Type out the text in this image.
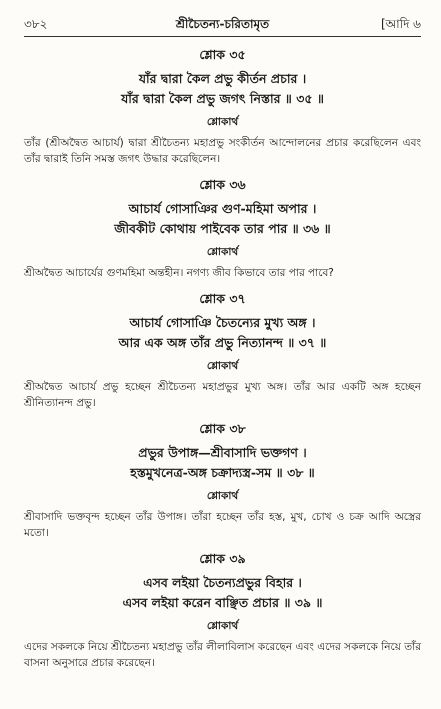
৩৮২	শ্রীচৈতন্য-চরিতামৃত	[আদি ৬
শ্লোক ৩৫
যাঁর দ্বারা কৈল প্রভু কীর্তন প্রচার ।
যাঁর দ্বারা কৈল প্রভু জগৎ নিস্তার ॥ ৩৫ ॥
শ্লোকার্থ
তাঁর (শ্রীঅদ্বৈত আচার্য) দ্বারা শ্রীচৈতন্য মহাপ্রভু সংকীর্তন আন্দোলনের প্রচার করেছিলেন এবং তাঁর দ্বারাই তিনি সমস্ত জগৎ উদ্ধার করেছিলেন।
শ্লোক ৩৬
আচার্য গোসাঞির গুণ-মহিমা অপার ।
জীবকীট কোথায় পাইবেক তার পার ॥ ৩৬ ॥
শ্লোকার্থ
শ্রীঅদ্বৈত আচার্যের গুণমহিমা অন্তহীন। নগণ্য জীব কিভাবে তার পার পাবে?
শ্লোক ৩৭
আচার্য গোসাঞি চৈতন্যের মুখ্য অঙ্গ ।
আর এক অঙ্গ তাঁর প্রভু নিত্যানন্দ ॥ ৩৭ ॥
শ্লোকার্থ
শ্রীঅদ্বৈত আচার্য প্রভু হচ্ছেন শ্রীচৈতন্য মহাপ্রভুর মুখ্য অঙ্গ। তাঁর আর একটি অঙ্গ হচ্ছেন শ্রীনিত্যানন্দ প্রভু।
শ্লোক ৩৮
প্রভুর উপাঙ্গ—শ্রীবাসাদি ভক্তগণ ।
হস্তমুখনেত্র-অঙ্গ চক্রাদ্যস্ত্র-সম ॥ ৩৮ ॥
শ্লোকার্থ
শ্রীবাসাদি ভক্তবৃন্দ হচ্ছেন তাঁর উপাঙ্গ। তাঁরা হচ্ছেন তাঁর হস্ত, মুখ, চোখ ও চক্র আদি অস্ত্রের মতো।
শ্লোক ৩৯
এসব লইয়া চৈতন্যপ্রভুর বিহার ।
এসব লইয়া করেন বাঞ্ছিত প্রচার ॥ ৩৯ ॥
শ্লোকার্থ
এদের সকলকে নিয়ে শ্রীচৈতন্য মহাপ্রভু তাঁর লীলাবিলাস করেছেন এবং এদের সকলকে নিয়ে তাঁর বাসনা অনুসারে প্রচার করেছেন।
